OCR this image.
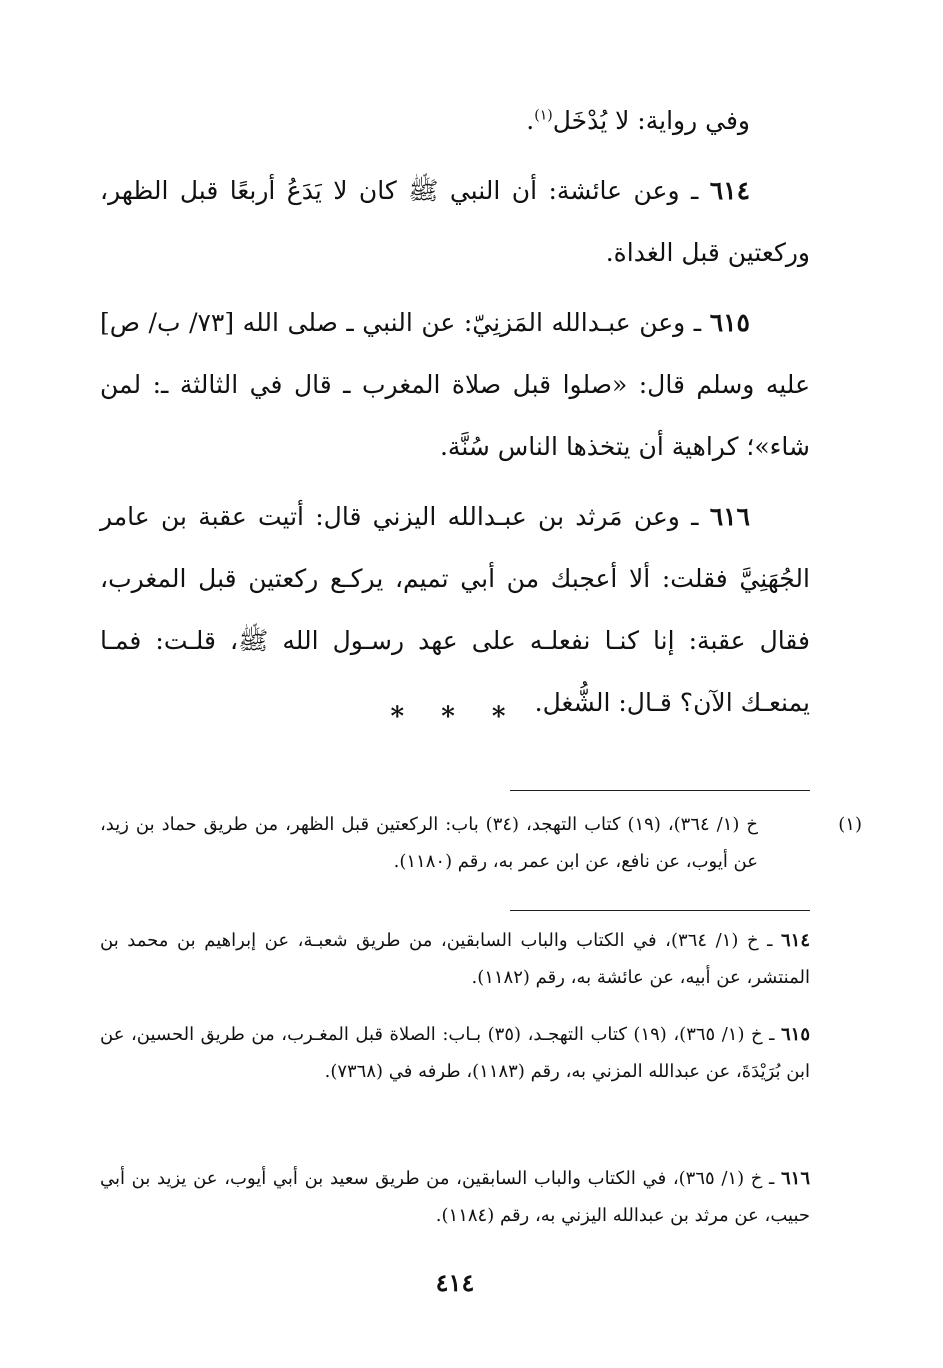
وفي رواية: لا يُدْخَل$^{(١)}$.

٦١٤ ـ وعن عائشة: أن النبي ﷺ كان لا يَدَعُ أربعًا قبل الظهر، وركعتين قبل الغداة.

٦١٥ ـ وعن عبـدالله المَزنِيّ: عن النبي ـ صلى الله [٧٣/ ب/ ص] عليه وسلم قال: «صلوا قبل صلاة المغرب ـ قال في الثالثة ـ: لمن شاء»؛ كراهية أن يتخذها الناس سُنَّة.

٦١٦ ـ وعن مَرثد بن عبـدالله اليزني قال: أتيت عقبة بن عامر الجُهَنِيَّ فقلت: ألا أعجبك من أبي تميم، يركـع ركعتين قبل المغرب، فقال عقبة: إنا كنـا نفعلـه على عهد رسـول الله ﷺ، قلـت: فمـا يمنعـك الآن؟ قـال: الشُّغل.

* * *
(١)خ (١/ ٣٦٤)، (١٩) كتاب التهجد، (٣٤) باب: الركعتين قبل الظهر، من طريق حماد بن زيد، عن أيوب، عن نافع، عن ابن عمر به، رقم (١١٨٠).
٦١٤ ـ خ (١/ ٣٦٤)، في الكتاب والباب السابقين، من طريق شعبـة، عن إبراهيم بن محمد بن المنتشر، عن أبيه، عن عائشة به، رقم (١١٨٢).
٦١٥ ـ خ (١/ ٣٦٥)، (١٩) كتاب التهجـد، (٣٥) بـاب: الصلاة قبل المغـرب، من طريق الحسين، عن ابن بُرَيْدَةَ، عن عبدالله المزني به، رقم (١١٨٣)، طرفه في (٧٣٦٨).
٦١٦ ـ خ (١/ ٣٦٥)، في الكتاب والباب السابقين، من طريق سعيد بن أبي أيوب، عن يزيد بن أبي حبيب، عن مرثد بن عبدالله اليزني به، رقم (١١٨٤).
٤١٤
